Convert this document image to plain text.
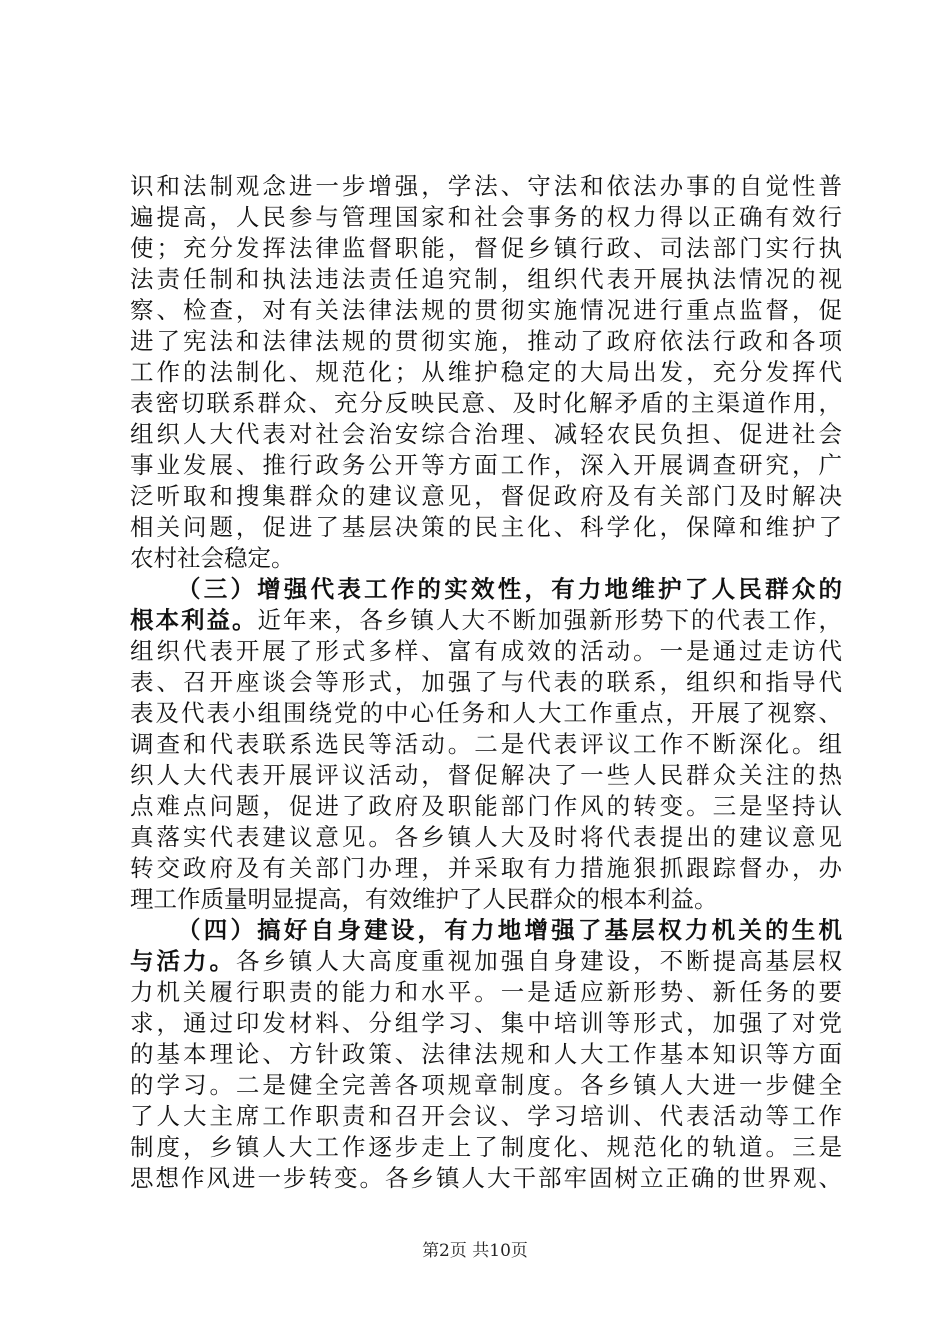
识和法制观念进一步增强，学法、守法和依法办事的自觉性普
遍提高，人民参与管理国家和社会事务的权力得以正确有效行
使；充分发挥法律监督职能，督促乡镇行政、司法部门实行执
法责任制和执法违法责任追究制，组织代表开展执法情况的视
察、检查，对有关法律法规的贯彻实施情况进行重点监督，促
进了宪法和法律法规的贯彻实施，推动了政府依法行政和各项
工作的法制化、规范化；从维护稳定的大局出发，充分发挥代
表密切联系群众、充分反映民意、及时化解矛盾的主渠道作用，
组织人大代表对社会治安综合治理、减轻农民负担、促进社会
事业发展、推行政务公开等方面工作，深入开展调查研究，广
泛听取和搜集群众的建议意见，督促政府及有关部门及时解决
相关问题，促进了基层决策的民主化、科学化，保障和维护了
农村社会稳定。
（三）增强代表工作的实效性，有力地维护了人民群众的
根本利益。近年来，各乡镇人大不断加强新形势下的代表工作，
组织代表开展了形式多样、富有成效的活动。一是通过走访代
表、召开座谈会等形式，加强了与代表的联系，组织和指导代
表及代表小组围绕党的中心任务和人大工作重点，开展了视察、
调查和代表联系选民等活动。二是代表评议工作不断深化。组
织人大代表开展评议活动，督促解决了一些人民群众关注的热
点难点问题，促进了政府及职能部门作风的转变。三是坚持认
真落实代表建议意见。各乡镇人大及时将代表提出的建议意见
转交政府及有关部门办理，并采取有力措施狠抓跟踪督办，办
理工作质量明显提高，有效维护了人民群众的根本利益。
（四）搞好自身建设，有力地增强了基层权力机关的生机
与活力。各乡镇人大高度重视加强自身建设，不断提高基层权
力机关履行职责的能力和水平。一是适应新形势、新任务的要
求，通过印发材料、分组学习、集中培训等形式，加强了对党
的基本理论、方针政策、法律法规和人大工作基本知识等方面
的学习。二是健全完善各项规章制度。各乡镇人大进一步健全
了人大主席工作职责和召开会议、学习培训、代表活动等工作
制度，乡镇人大工作逐步走上了制度化、规范化的轨道。三是
思想作风进一步转变。各乡镇人大干部牢固树立正确的世界观、
第2页 共10页
